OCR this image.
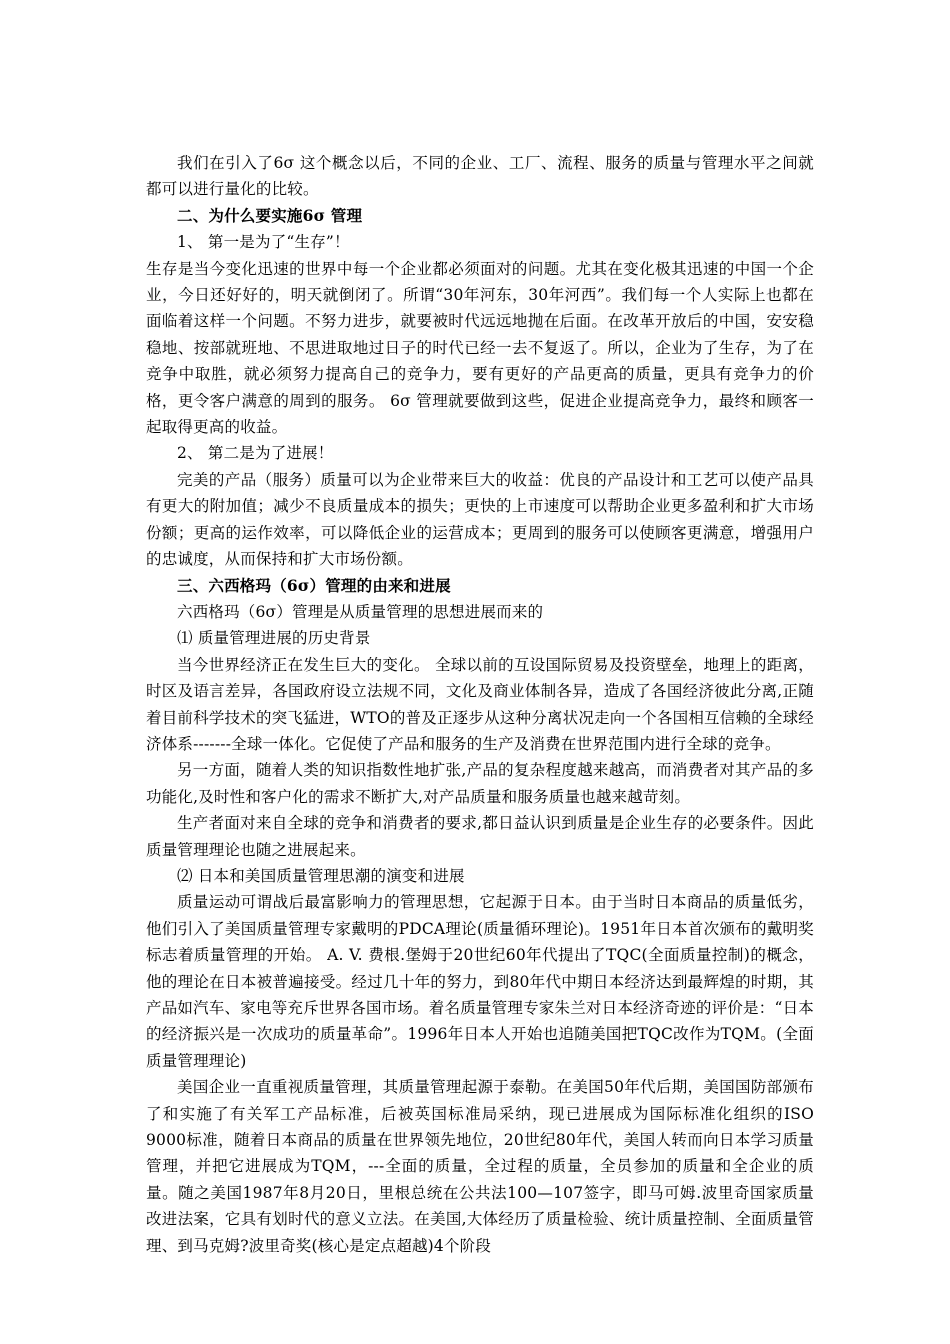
我们在引入了6σ 这个概念以后，不同的企业、工厂、流程、服务的质量与管理水平之间就都可以进行量化的比较。

二、为什么要实施6σ 管理

1、 第一是为了“生存”！

生存是当今变化迅速的世界中每一个企业都必须面对的问题。尤其在变化极其迅速的中国一个企业，今日还好好的，明天就倒闭了。所谓“30年河东，30年河西”。我们每一个人实际上也都在面临着这样一个问题。不努力进步，就要被时代远远地抛在后面。在改革开放后的中国，安安稳稳地、按部就班地、不思进取地过日子的时代已经一去不复返了。所以，企业为了生存，为了在竞争中取胜，就必须努力提高自己的竞争力，要有更好的产品更高的质量，更具有竞争力的价格，更令客户满意的周到的服务。 6σ 管理就要做到这些，促进企业提高竞争力，最终和顾客一起取得更高的收益。

2、 第二是为了进展！

完美的产品（服务）质量可以为企业带来巨大的收益：优良的产品设计和工艺可以使产品具有更大的附加值；减少不良质量成本的损失；更快的上市速度可以帮助企业更多盈利和扩大市场份额；更高的运作效率，可以降低企业的运营成本；更周到的服务可以使顾客更满意，增强用户的忠诚度，从而保持和扩大市场份额。

三、六西格玛（6σ）管理的由来和进展

六西格玛（6σ）管理是从质量管理的思想进展而来的

⑴ 质量管理进展的历史背景

当今世界经济正在发生巨大的变化。 全球以前的互设国际贸易及投资壁垒，地理上的距离，时区及语言差异，各国政府设立法规不同，文化及商业体制各异，造成了各国经济彼此分离,正随着目前科学技术的突飞猛进，WTO的普及正逐步从这种分离状况走向一个各国相互信赖的全球经济体系-------全球一体化。它促使了产品和服务的生产及消费在世界范围内进行全球的竞争。

另一方面，随着人类的知识指数性地扩张,产品的复杂程度越来越高，而消费者对其产品的多功能化,及时性和客户化的需求不断扩大,对产品质量和服务质量也越来越苛刻。

生产者面对来自全球的竞争和消费者的要求,都日益认识到质量是企业生存的必要条件。因此质量管理理论也随之进展起来。

⑵ 日本和美国质量管理思潮的演变和进展

质量运动可谓战后最富影响力的管理思想，它起源于日本。由于当时日本商品的质量低劣，他们引入了美国质量管理专家戴明的PDCA理论(质量循环理论)。1951年日本首次颁布的戴明奖标志着质量管理的开始。 A. V. 费根.堡姆于20世纪60年代提出了TQC(全面质量控制)的概念，他的理论在日本被普遍接受。经过几十年的努力，到80年代中期日本经济达到最辉煌的时期，其产品如汽车、家电等充斥世界各国市场。着名质量管理专家朱兰对日本经济奇迹的评价是：“日本的经济振兴是一次成功的质量革命”。1996年日本人开始也追随美国把TQC改作为TQM。(全面质量管理理论)

美国企业一直重视质量管理，其质量管理起源于泰勒。在美国50年代后期，美国国防部颁布了和实施了有关军工产品标准，后被英国标准局采纳，现已进展成为国际标准化组织的ISO 9000标准，随着日本商品的质量在世界领先地位，20世纪80年代，美国人转而向日本学习质量管理，并把它进展成为TQM，---全面的质量，全过程的质量，全员参加的质量和全企业的质量。随之美国1987年8月20日，里根总统在公共法100—107签字，即马可姆.波里奇国家质量改进法案，它具有划时代的意义立法。在美国,大体经历了质量检验、统计质量控制、全面质量管理、到马克姆?波里奇奖(核心是定点超越)4个阶段
